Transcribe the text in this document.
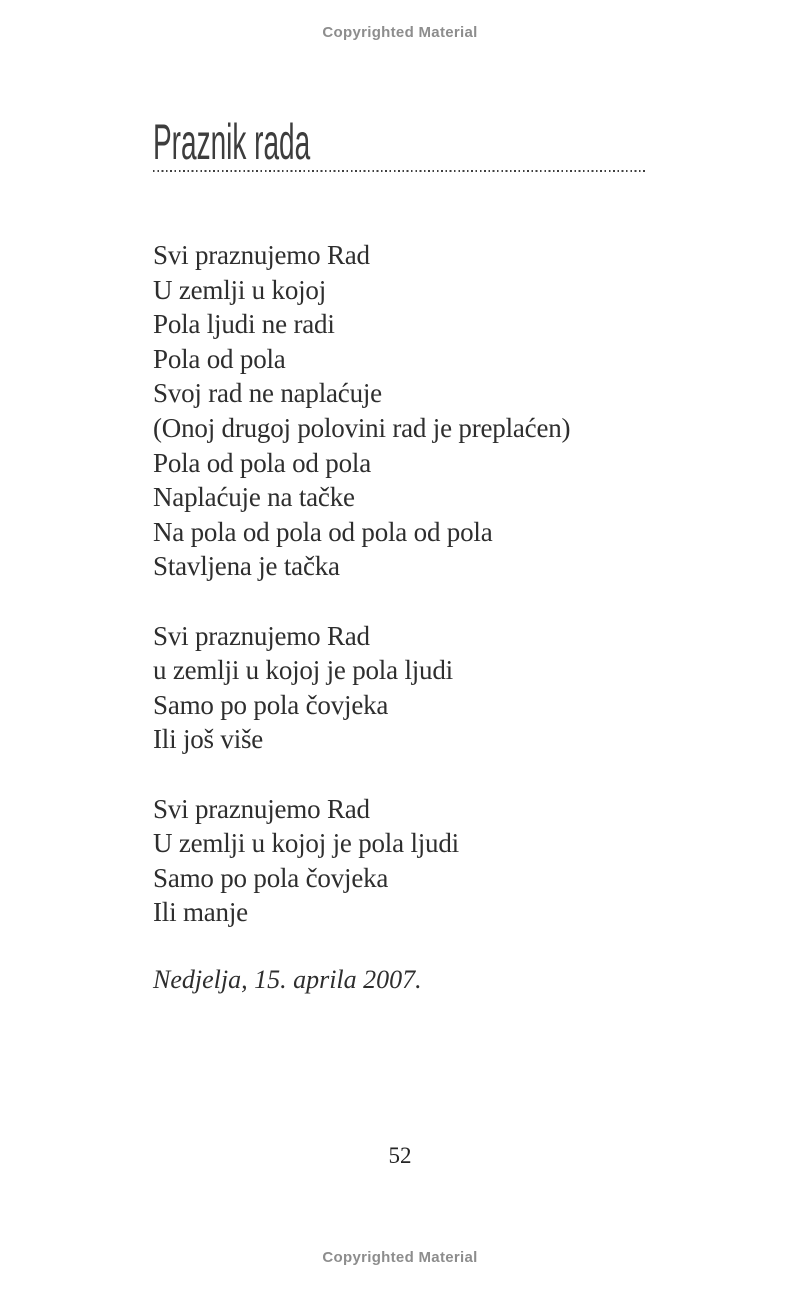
Copyrighted Material
Praznik rada

Svi praznujemo Rad

U zemlji u kojoj

Pola ljudi ne radi

Pola od pola

Svoj rad ne naplaćuje

(Onoj drugoj polovini rad je preplaćen)

Pola od pola od pola

Naplaćuje na tačke

Na pola od pola od pola od pola

Stavljena je tačka

Svi praznujemo Rad

u zemlji u kojoj je pola ljudi

Samo po pola čovjeka

Ili još više

Svi praznujemo Rad

U zemlji u kojoj je pola ljudi

Samo po pola čovjeka

Ili manje

Nedjelja, 15. aprila 2007.
52
Copyrighted Material
